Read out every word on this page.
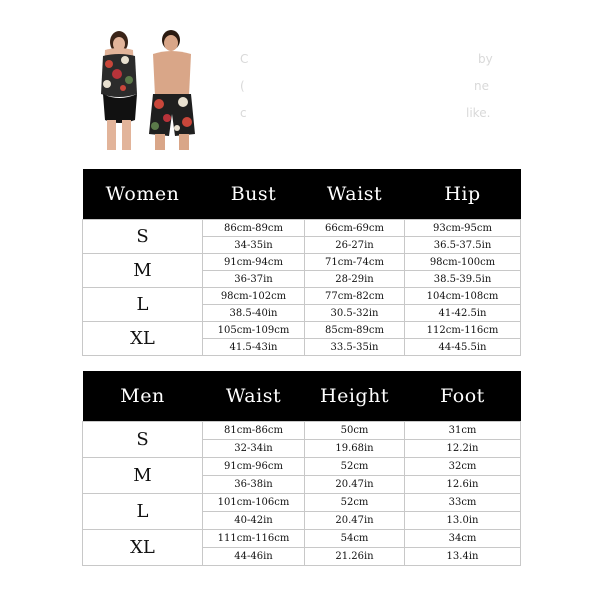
C	by
(	ne
c	like.
Women	Bust	Waist	Hip
S	86cm-89cm	66cm-69cm	93cm-95cm
	34-35in	26-27in	36.5-37.5in
M	91cm-94cm	71cm-74cm	98cm-100cm
	36-37in	28-29in	38.5-39.5in
L	98cm-102cm	77cm-82cm	104cm-108cm
	38.5-40in	30.5-32in	41-42.5in
XL	105cm-109cm	85cm-89cm	112cm-116cm
	41.5-43in	33.5-35in	44-45.5in
Men	Waist	Height	Foot
S	81cm-86cm	50cm	31cm
	32-34in	19.68in	12.2in
M	91cm-96cm	52cm	32cm
	36-38in	20.47in	12.6in
L	101cm-106cm	52cm	33cm
	40-42in	20.47in	13.0in
XL	111cm-116cm	54cm	34cm
	44-46in	21.26in	13.4in
